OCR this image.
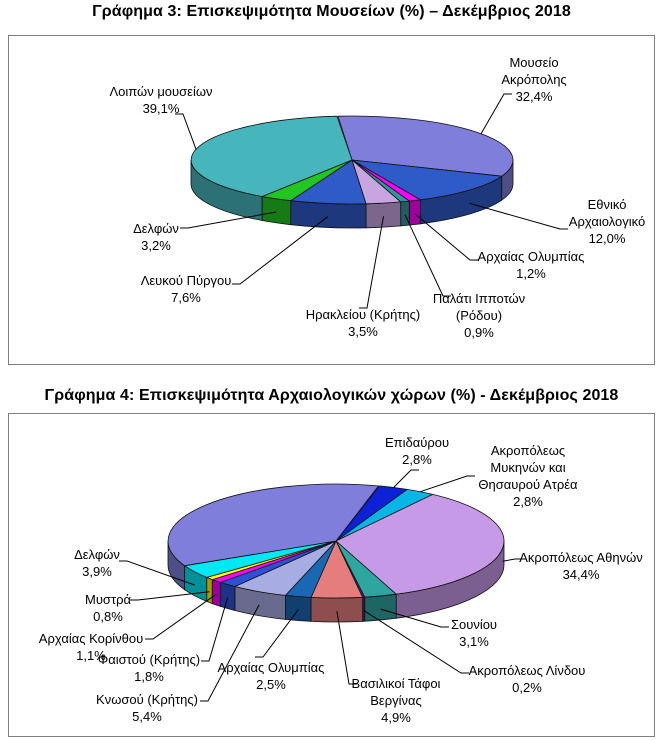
Γράφημα 3: Επισκεψιμότητα Μουσείων (%) – Δεκέμβριος 2018
Μουσείο Ακρόπολης
32,4%
Εθνικό Αρχαιολογικό
12,0%
Αρχαίας Ολυμπίας
1,2%
Παλάτι Ιπποτών (Ρόδου)
0,9%
Ηρακλείου (Κρήτης)
3,5%
Λευκού Πύργου
7,6%
Δελφών
3,2%
Λοιπών μουσείων
39,1%
Γράφημα 4: Επισκεψιμότητα Αρχαιολογικών χώρων (%) - Δεκέμβριος 2018
Επιδαύρου
2,8%
Ακροπόλεως Μυκηνών και Θησαυρού Ατρέα
2,8%
Ακροπόλεως Αθηνών
34,4%
Σουνίου
3,1%
Ακροπόλεως Λίνδου
0,2%
Βασιλικοί Τάφοι Βεργίνας
4,9%
Αρχαίας Ολυμπίας
2,5%
Κνωσού (Κρήτης)
5,4%
Φαιστού (Κρήτης)
1,8%
Αρχαίας Κορίνθου
1,1%
Μυστρά
0,8%
Δελφών
3,9%
